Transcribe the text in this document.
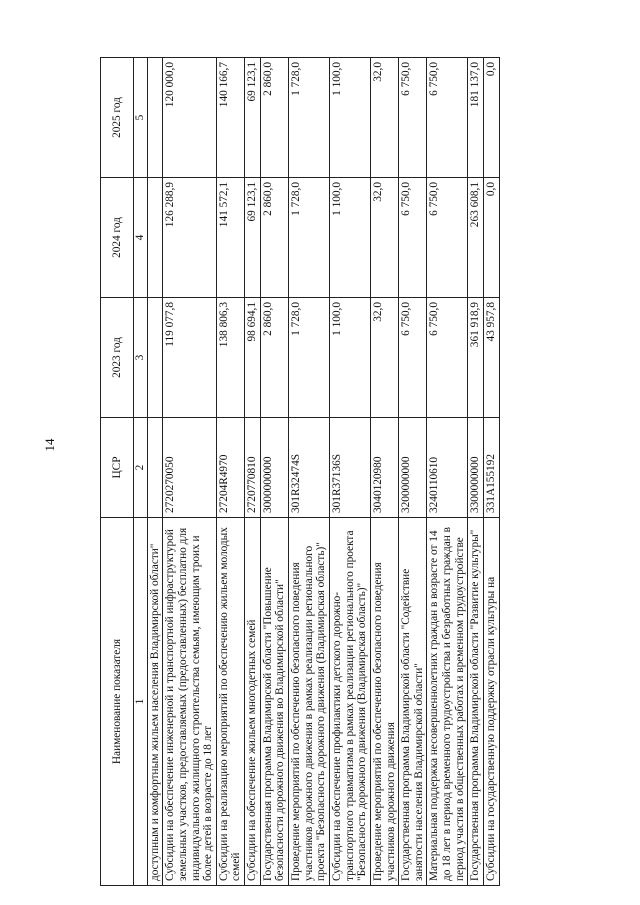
14
Наименование показателя	ЦСР	2023 год	2024 год	2025 год
1	2	3	4	5
доступным и комфортным жильем населения Владимирской области"				
Субсидии на обеспечение инженерной и транспортной инфраструктурой земельных участков, предоставляемых (предоставленных) бесплатно для индивидуального жилищного строительства семьям, имеющим троих и более детей в возрасте до 18 лет	2720270050	119 077,8	126 288,9	120 000,0
Субсидии на реализацию мероприятий по обеспечению жильем молодых семей	27204R4970	138 806,3	141 572,1	140 166,7
Субсидии на обеспечение жильем многодетных семей	2720770810	98 694,1	69 123,1	69 123,1
Государственная программа Владимирской области "Повышение безопасности дорожного движения во Владимирской области"	3000000000	2 860,0	2 860,0	2 860,0
Проведение мероприятий по обеспечению безопасного поведения участников дорожного движения в рамках реализации регионального проекта "Безопасность дорожного движения (Владимирская область)"	301R32474S	1 728,0	1 728,0	1 728,0
Субсидии на обеспечение профилактики детского дорожно-транспортного травматизма в рамках реализации регионального проекта "Безопасность дорожного движения (Владимирская область)"	301R37136S	1 100,0	1 100,0	1 100,0
Проведение мероприятий по обеспечению безопасного поведения участников дорожного движения	3040120980	32,0	32,0	32,0
Государственная программа Владимирской области "Содействие занятости населения Владимирской области"	3200000000	6 750,0	6 750,0	6 750,0
Материальная поддержка несовершеннолетних граждан в возрасте от 14 до 18 лет в период временного трудоустройства и безработных граждан в период участия в общественных работах и временном трудоустройстве	3240110610	6 750,0	6 750,0	6 750,0
Государственная программа Владимирской области "Развитие культуры"	3300000000	361 918,9	263 608,1	181 137,0
Субсидии на государственную поддержку отрасли культуры на	331A155192	43 957,8	0,0	0,0
